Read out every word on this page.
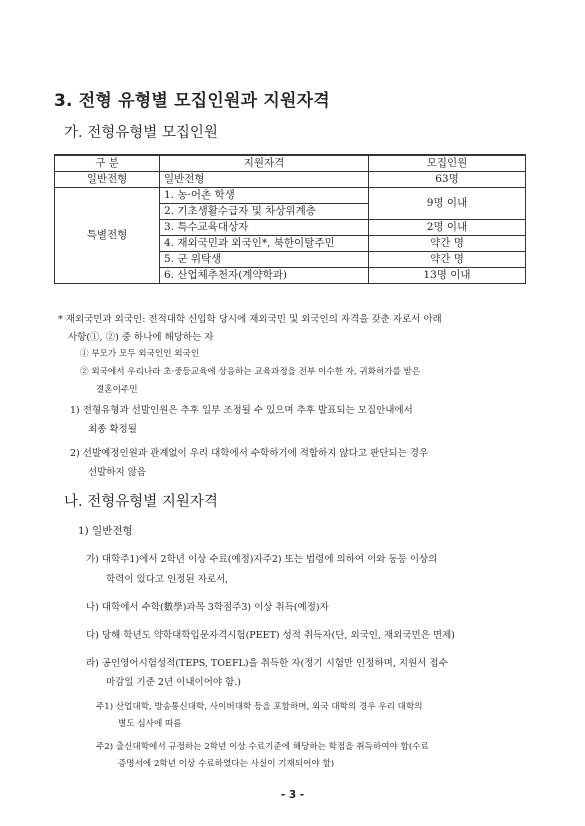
3. 전형 유형별 모집인원과 지원자격
가. 전형유형별 모집인원
구 분	지원자격	모집인원
일반전형	일반전형	63명
특별전형	1. 농·어촌 학생	9명 이내
	2. 기초생활수급자 및 차상위계층	
	3. 특수교육대상자	2명 이내
	4. 재외국민과 외국인*, 북한이탈주민	약간 명
	5. 군 위탁생	약간 명
	6. 산업체추천자(계약학과)	13명 이내
* 재외국민과 외국인: 전적대학 신입학 당시에 재외국민 및 외국인의 자격을 갖춘 자로서 아래
사항(①, ②) 중 하나에 해당하는 자
① 부모가 모두 외국인인 외국인
② 외국에서 우리나라 초·중등교육에 상응하는 교육과정을 전부 이수한 자, 귀화허가를 받은
결혼이주민
1) 전형유형과 선발인원은 추후 일부 조정될 수 있으며 추후 발표되는 모집안내에서
최종 확정될
2) 선발예정인원과 관계없이 우리 대학에서 수학하기에 적합하지 않다고 판단되는 경우
선발하지 않음
나. 전형유형별 지원자격
1) 일반전형
가) 대학주1)에서 2학년 이상 수료(예정)자주2) 또는 법령에 의하여 이와 동등 이상의
학력이 있다고 인정된 자로서,
나) 대학에서 수학(數學)과목 3학점주3) 이상 취득(예정)자
다) 당해 학년도 약학대학입문자격시험(PEET) 성적 취득자(단, 외국인, 재외국민은 면제)
라) 공인영어시험성적(TEPS, TOEFL)을 취득한 자(정기 시험만 인정하며, 지원서 접수
마감일 기준 2년 이내이어야 함.)
주1) 산업대학, 방송통신대학, 사이버대학 등을 포함하며, 외국 대학의 경우 우리 대학의
별도 심사에 따름
주2) 출신대학에서 규정하는 2학년 이상 수료기준에 해당하는 학점을 취득하여야 함(수료
증명서에 2학년 이상 수료하였다는 사실이 기재되어야 함)
- 3 -
